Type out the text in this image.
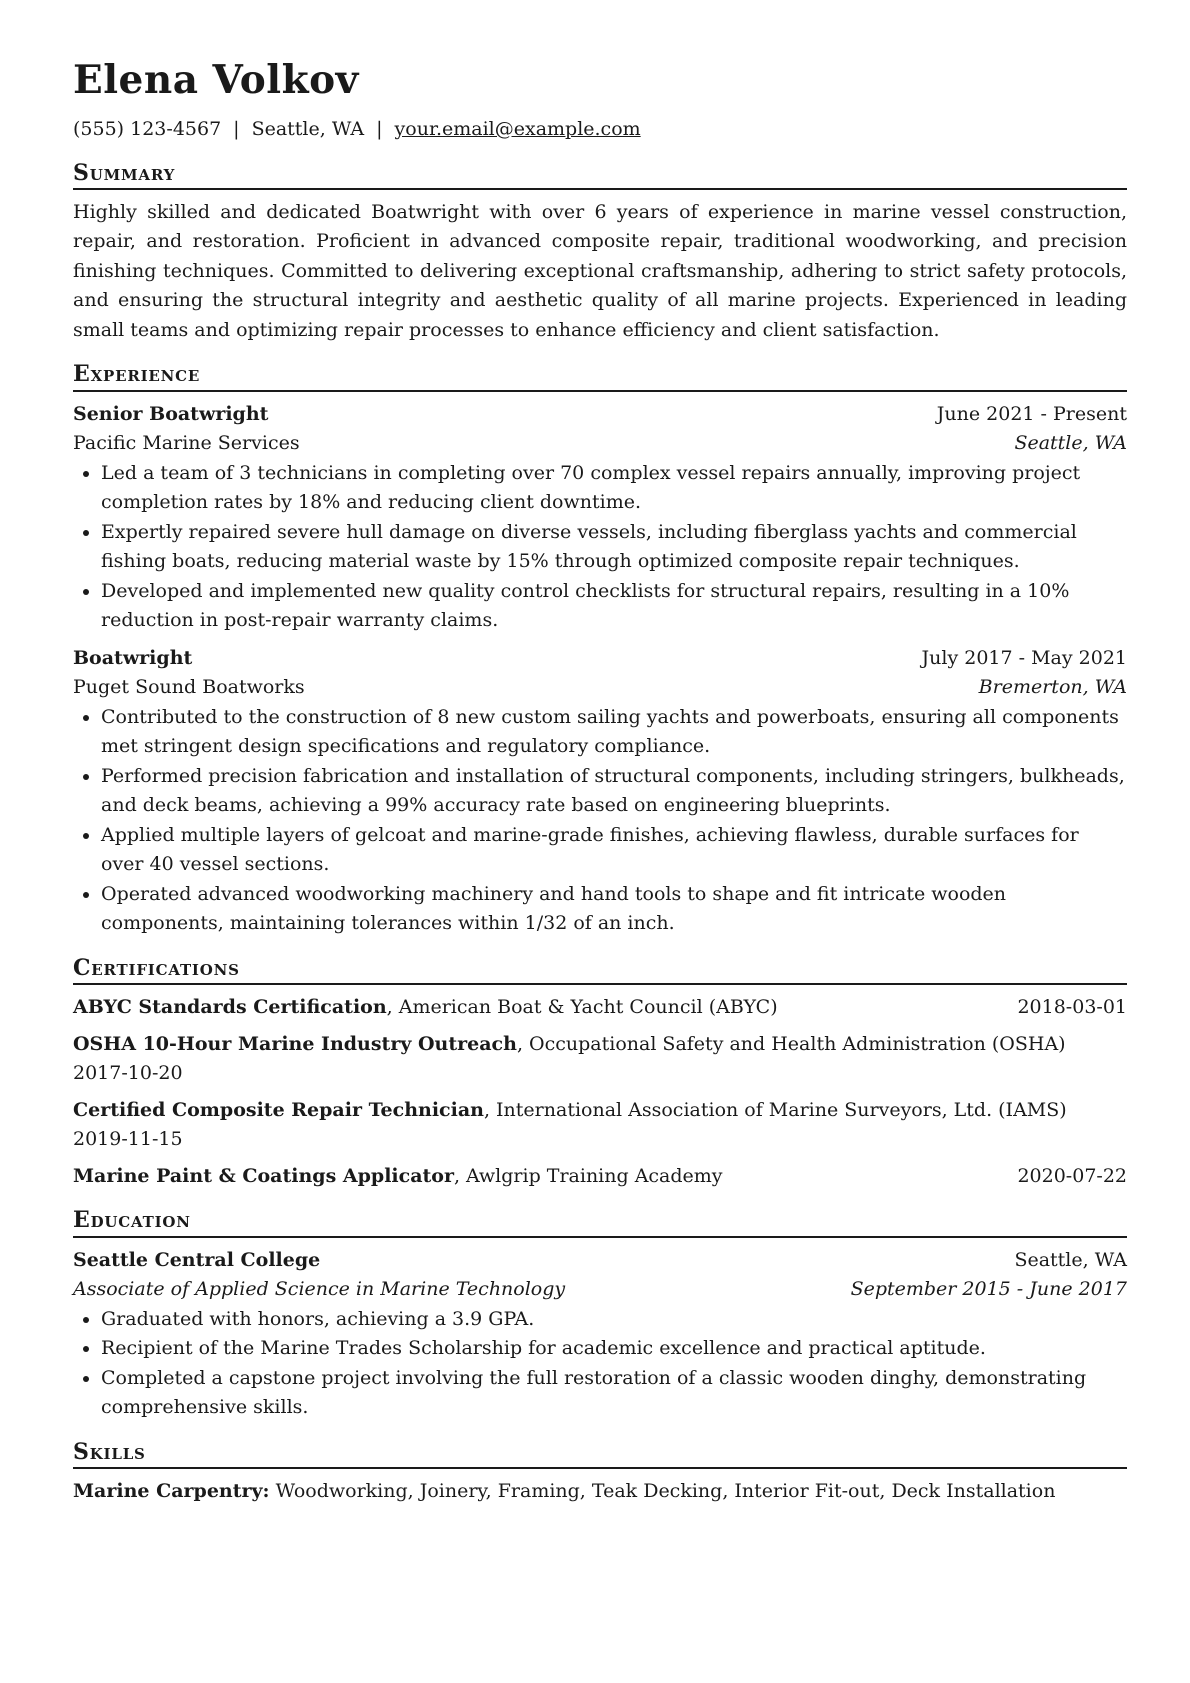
Elena Volkov
(555) 123-4567 | Seattle, WA | your.email@example.com
Summary

Highly skilled and dedicated Boatwright with over 6 years of experience in marine vessel construction, repair, and restoration. Proficient in advanced composite repair, traditional woodworking, and precision finishing techniques. Committed to delivering exceptional craftsmanship, adhering to strict safety protocols, and ensuring the structural integrity and aesthetic quality of all marine projects. Experienced in leading small teams and optimizing repair processes to enhance efficiency and client satisfaction.

Experience
Senior Boatwright	June 2021 - Present
Pacific Marine Services	Seattle, WA
• Led a team of 3 technicians in completing over 70 complex vessel repairs annually, improving project completion rates by 18% and reducing client downtime.
• Expertly repaired severe hull damage on diverse vessels, including fiberglass yachts and commercial fishing boats, reducing material waste by 15% through optimized composite repair techniques.
• Developed and implemented new quality control checklists for structural repairs, resulting in a 10% reduction in post-repair warranty claims.
Boatwright	July 2017 - May 2021
Puget Sound Boatworks	Bremerton, WA
• Contributed to the construction of 8 new custom sailing yachts and powerboats, ensuring all components met stringent design specifications and regulatory compliance.
• Performed precision fabrication and installation of structural components, including stringers, bulkheads, and deck beams, achieving a 99% accuracy rate based on engineering blueprints.
• Applied multiple layers of gelcoat and marine-grade finishes, achieving flawless, durable surfaces for over 40 vessel sections.
• Operated advanced woodworking machinery and hand tools to shape and fit intricate wooden components, maintaining tolerances within 1/32 of an inch.
Certifications
ABYC Standards Certification, American Boat & Yacht Council (ABYC)	2018-03-01
OSHA 10-Hour Marine Industry Outreach, Occupational Safety and Health Administration (OSHA)
2017-10-20
Certified Composite Repair Technician, International Association of Marine Surveyors, Ltd. (IAMS)
2019-11-15
Marine Paint & Coatings Applicator, Awlgrip Training Academy	2020-07-22
Education
Seattle Central College	Seattle, WA
Associate of Applied Science in Marine Technology	September 2015 - June 2017
• Graduated with honors, achieving a 3.9 GPA.
• Recipient of the Marine Trades Scholarship for academic excellence and practical aptitude.
• Completed a capstone project involving the full restoration of a classic wooden dinghy, demonstrating comprehensive skills.
Skills
Marine Carpentry: Woodworking, Joinery, Framing, Teak Decking, Interior Fit-out, Deck Installation
